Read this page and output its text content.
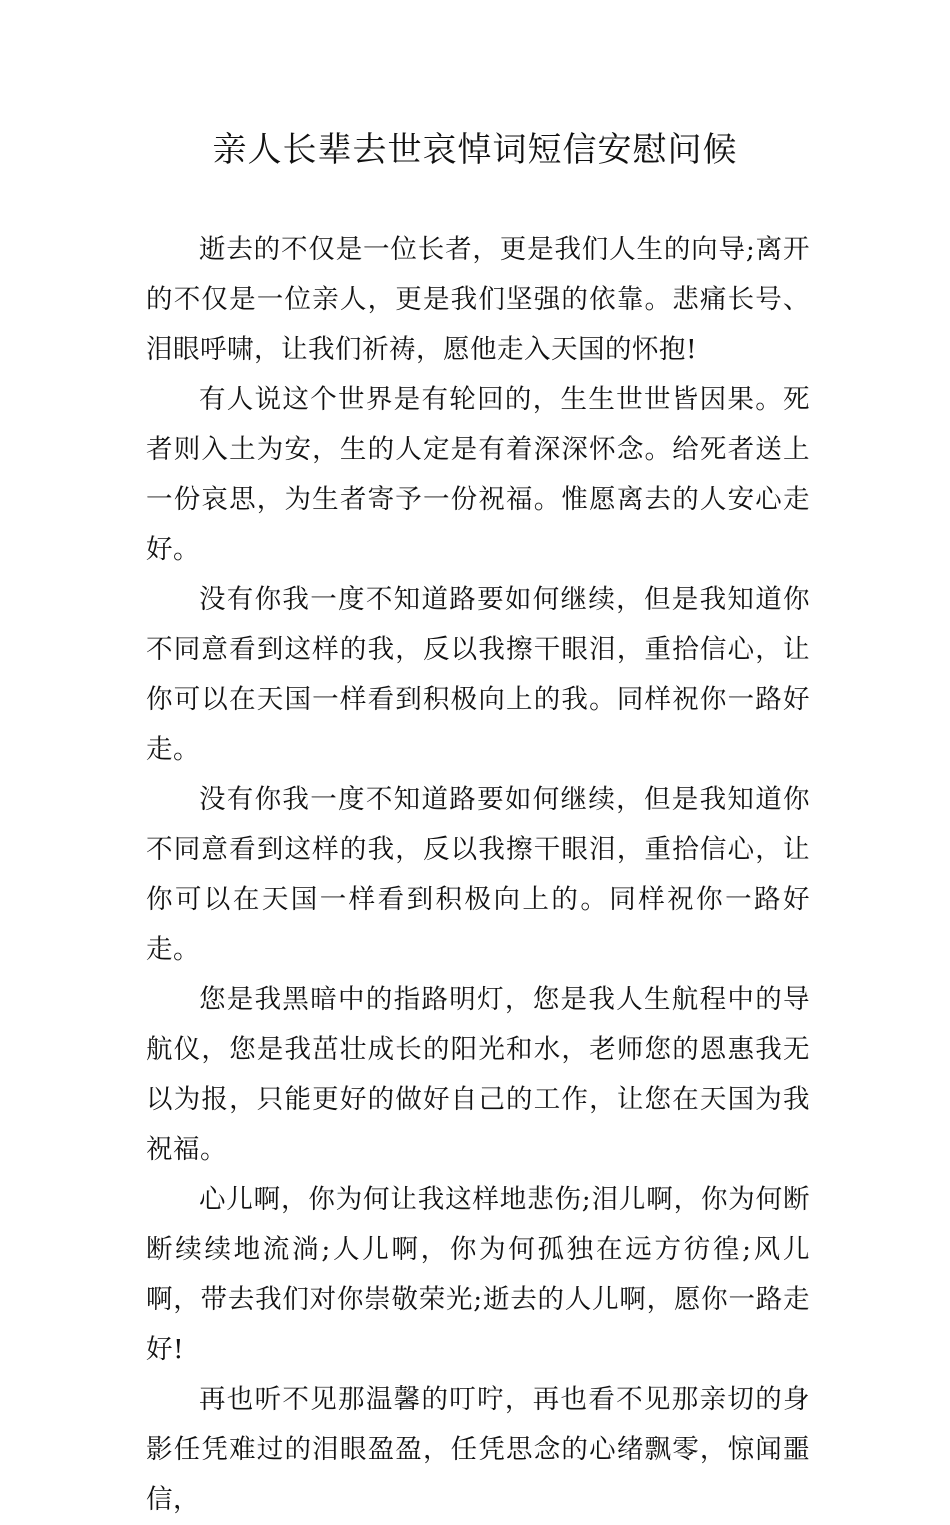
亲人长辈去世哀悼词短信安慰问候

逝去的不仅是一位长者，更是我们人生的向导;离开的不仅是一位亲人，更是我们坚强的依靠。悲痛长号、泪眼呼啸，让我们祈祷，愿他走入天国的怀抱!

有人说这个世界是有轮回的，生生世世皆因果。死者则入土为安，生的人定是有着深深怀念。给死者送上一份哀思，为生者寄予一份祝福。惟愿离去的人安心走好。

没有你我一度不知道路要如何继续，但是我知道你不同意看到这样的我，反以我擦干眼泪，重拾信心，让你可以在天国一样看到积极向上的我。同样祝你一路好走。

没有你我一度不知道路要如何继续，但是我知道你不同意看到这样的我，反以我擦干眼泪，重拾信心，让你可以在天国一样看到积极向上的。同样祝你一路好走。

您是我黑暗中的指路明灯，您是我人生航程中的导航仪，您是我茁壮成长的阳光和水，老师您的恩惠我无以为报，只能更好的做好自己的工作，让您在天国为我祝福。

心儿啊，你为何让我这样地悲伤;泪儿啊，你为何断断续续地流淌;人儿啊，你为何孤独在远方彷徨;风儿啊，带去我们对你崇敬荣光;逝去的人儿啊，愿你一路走好!

再也听不见那温馨的叮咛，再也看不见那亲切的身影任凭难过的泪眼盈盈，任凭思念的心绪飘零，惊闻噩信，
